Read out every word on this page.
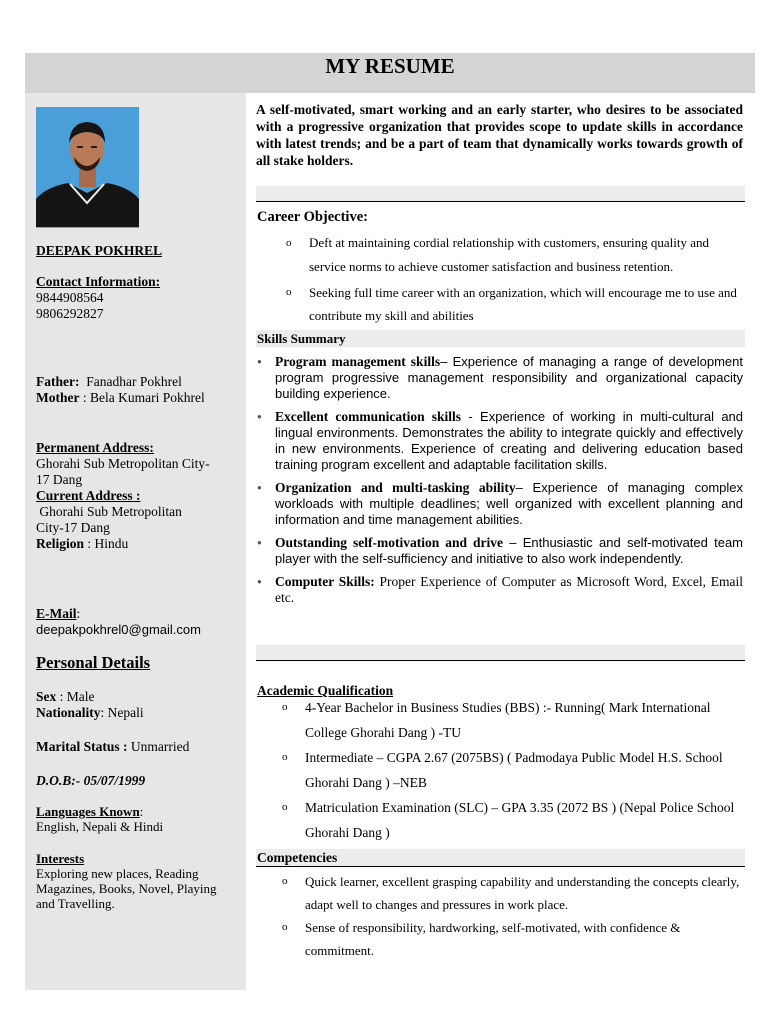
MY RESUME
DEEPAK POKHREL
Contact Information:
9844908564
9806292827
Father: Fanadhar Pokhrel
Mother : Bela Kumari Pokhrel
Permanent Address:
Ghorahi Sub Metropolitan City-
17 Dang
Current Address :
Ghorahi Sub Metropolitan
City-17 Dang
Religion : Hindu
E-Mail:
deepakpokhrel0@gmail.com
Personal Details
Sex : Male
Nationality: Nepali
Marital Status : Unmarried
D.O.B:- 05/07/1999
Languages Known:
English, Nepali & Hindi
Interests
Exploring new places, Reading
Magazines, Books, Novel, Playing
and Travelling.
A self-motivated, smart working and an early starter, who desires to be associated with a progressive organization that provides scope to update skills in accordance with latest trends; and be a part of team that dynamically works towards growth of all stake holders.
Career Objective:
o Deft at maintaining cordial relationship with customers, ensuring quality and service norms to achieve customer satisfaction and business retention.
o Seeking full time career with an organization, which will encourage me to use and contribute my skill and abilities
Skills Summary
● Program management skills– Experience of managing a range of development program progressive management responsibility and organizational capacity building experience.
● Excellent communication skills - Experience of working in multi-cultural and lingual environments. Demonstrates the ability to integrate quickly and effectively in new environments. Experience of creating and delivering education based training program excellent and adaptable facilitation skills.
● Organization and multi-tasking ability– Experience of managing complex workloads with multiple deadlines; well organized with excellent planning and information and time management abilities.
● Outstanding self-motivation and drive – Enthusiastic and self-motivated team player with the self-sufficiency and initiative to also work independently.
● Computer Skills: Proper Experience of Computer as Microsoft Word, Excel, Email etc.
Academic Qualification
o 4-Year Bachelor in Business Studies (BBS) :- Running( Mark International College Ghorahi Dang ) -TU
o Intermediate – CGPA 2.67 (2075BS) ( Padmodaya Public Model H.S. School Ghorahi Dang ) –NEB
o Matriculation Examination (SLC) – GPA 3.35 (2072 BS ) (Nepal Police School Ghorahi Dang )
Competencies
o Quick learner, excellent grasping capability and understanding the concepts clearly, adapt well to changes and pressures in work place.
o Sense of responsibility, hardworking, self-motivated, with confidence & commitment.
